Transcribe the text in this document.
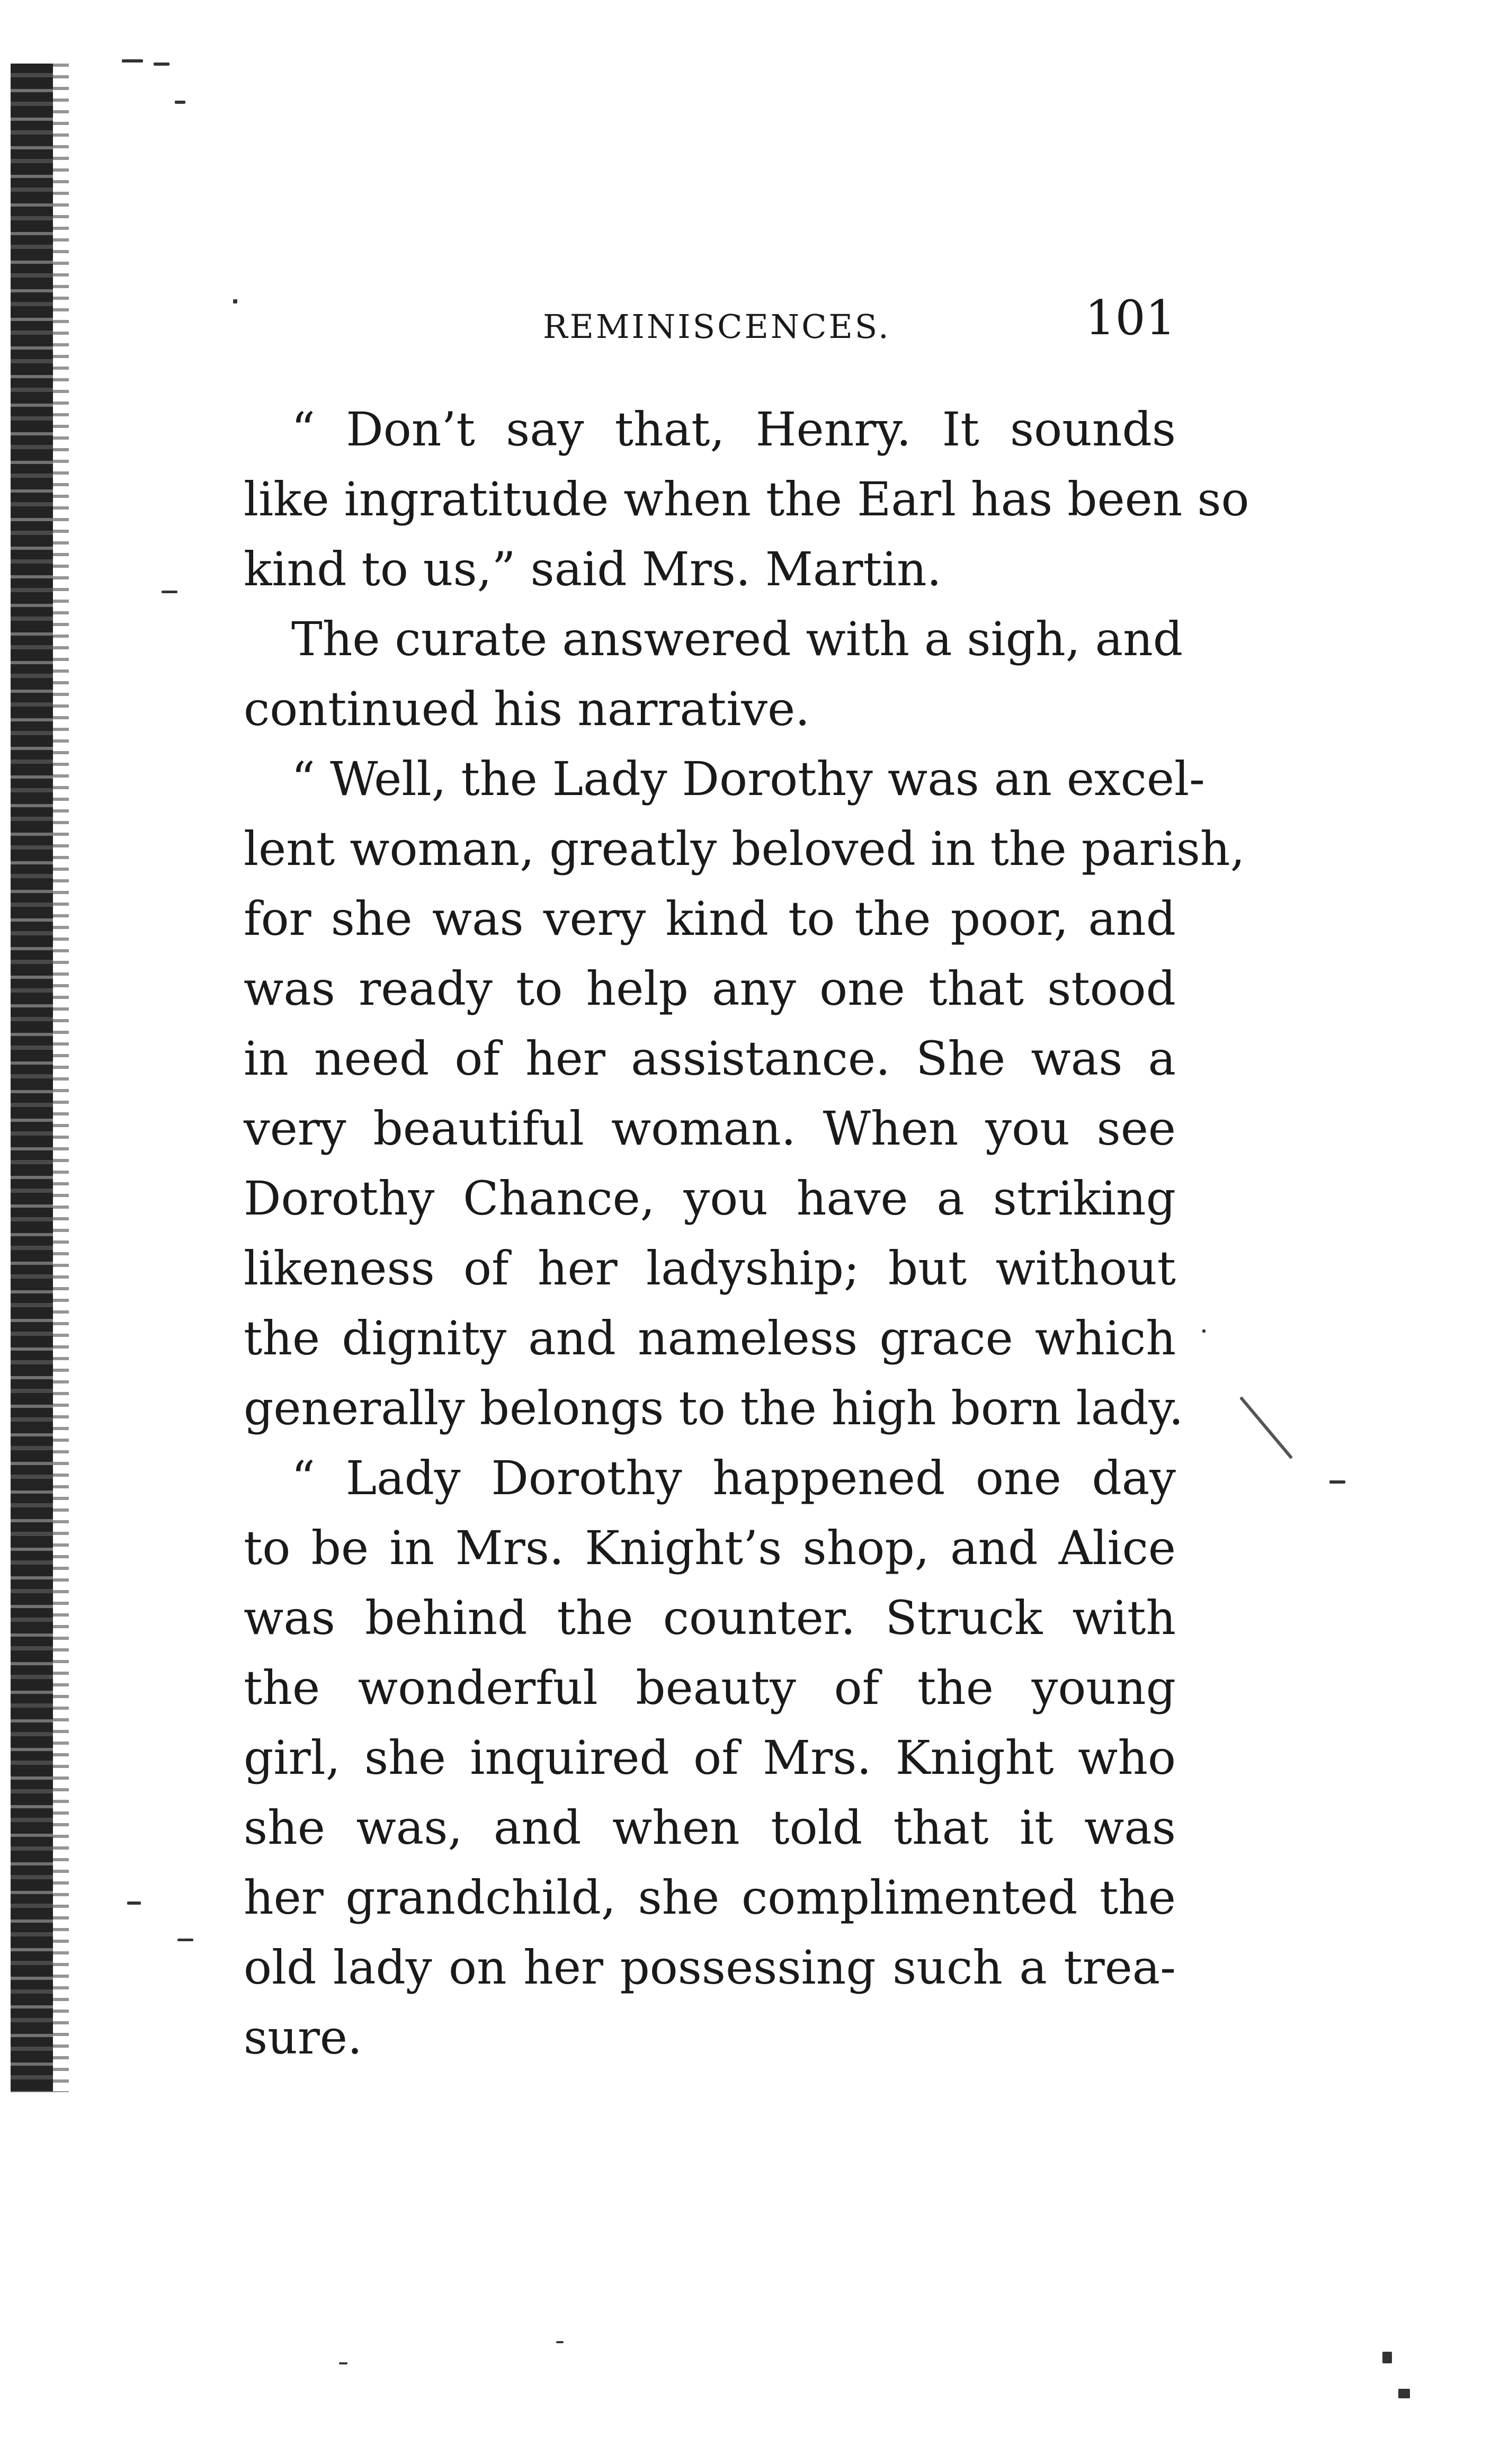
REMINISCENCES.	101
“ Don’t say that, Henry. It sounds
like ingratitude when the Earl has been so
kind to us,” said Mrs. Martin.
The curate answered with a sigh, and
continued his narrative.
“ Well, the Lady Dorothy was an excel-
lent woman, greatly beloved in the parish,
for she was very kind to the poor, and
was ready to help any one that stood
in need of her assistance. She was a
very beautiful woman. When you see
Dorothy Chance, you have a striking
likeness of her ladyship; but without
the dignity and nameless grace which
generally belongs to the high born lady.
“ Lady Dorothy happened one day
to be in Mrs. Knight’s shop, and Alice
was behind the counter. Struck with
the wonderful beauty of the young
girl, she inquired of Mrs. Knight who
she was, and when told that it was
her grandchild, she complimented the
old lady on her possessing such a trea-
sure.
